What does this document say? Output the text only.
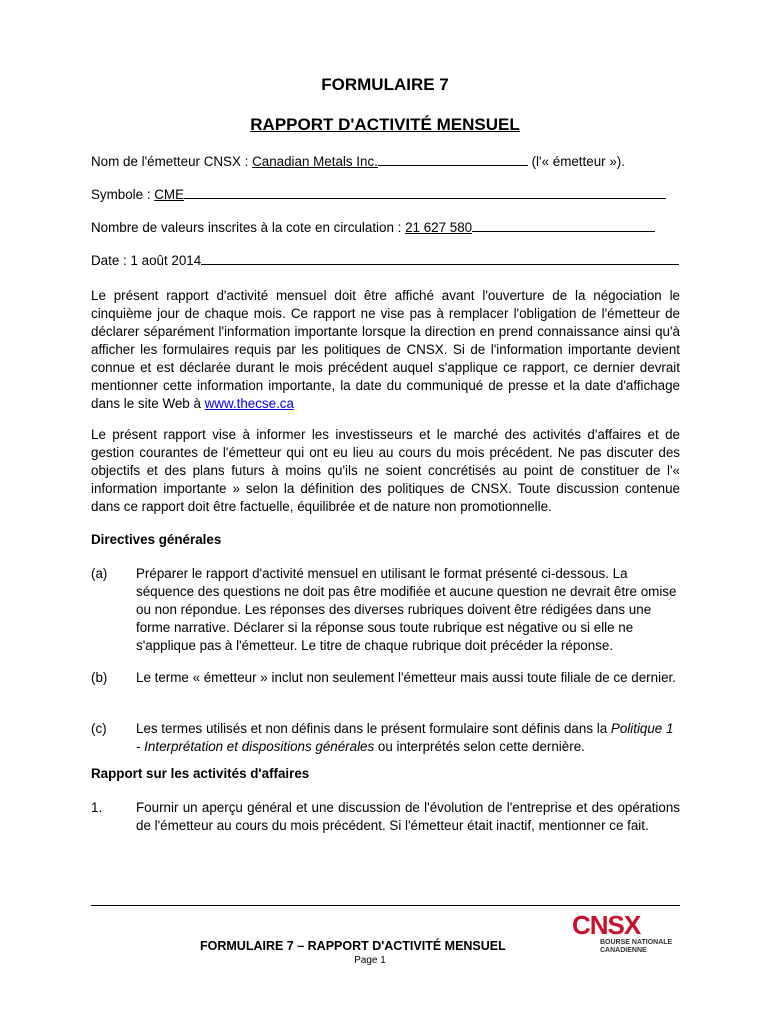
FORMULAIRE 7
RAPPORT D'ACTIVITÉ MENSUEL
Nom de l'émetteur CNSX : Canadian Metals Inc.	(l'« émetteur »).
Symbole : CME
Nombre de valeurs inscrites à la cote en circulation : 21 627 580
Date : 1 août 2014
Le présent rapport d'activité mensuel doit être affiché avant l'ouverture de la négociation le cinquième jour de chaque mois. Ce rapport ne vise pas à remplacer l'obligation de l'émetteur de déclarer séparément l'information importante lorsque la direction en prend connaissance ainsi qu'à afficher les formulaires requis par les politiques de CNSX. Si de l'information importante devient connue et est déclarée durant le mois précédent auquel s'applique ce rapport, ce dernier devrait mentionner cette information importante, la date du communiqué de presse et la date d'affichage dans le site Web à www.thecse.ca
Le présent rapport vise à informer les investisseurs et le marché des activités d'affaires et de gestion courantes de l'émetteur qui ont eu lieu au cours du mois précédent. Ne pas discuter des objectifs et des plans futurs à moins qu'ils ne soient concrétisés au point de constituer de l'« information importante » selon la définition des politiques de CNSX. Toute discussion contenue dans ce rapport doit être factuelle, équilibrée et de nature non promotionnelle.
Directives générales
(a) Préparer le rapport d'activité mensuel en utilisant le format présenté ci-dessous. La séquence des questions ne doit pas être modifiée et aucune question ne devrait être omise ou non répondue. Les réponses des diverses rubriques doivent être rédigées dans une forme narrative. Déclarer si la réponse sous toute rubrique est négative ou si elle ne s'applique pas à l'émetteur. Le titre de chaque rubrique doit précéder la réponse.
(b) Le terme « émetteur » inclut non seulement l'émetteur mais aussi toute filiale de ce dernier.
(c) Les termes utilisés et non définis dans le présent formulaire sont définis dans la Politique 1 - Interprétation et dispositions générales ou interprétés selon cette dernière.
Rapport sur les activités d'affaires
1.	Fournir un aperçu général et une discussion de l'évolution de l'entreprise et des opérations de l'émetteur au cours du mois précédent. Si l'émetteur était inactif, mentionner ce fait.
FORMULAIRE 7 – RAPPORT D'ACTIVITÉ MENSUEL
Page 1
CNSX
BOURSE NATIONALE
CANADIENNE
